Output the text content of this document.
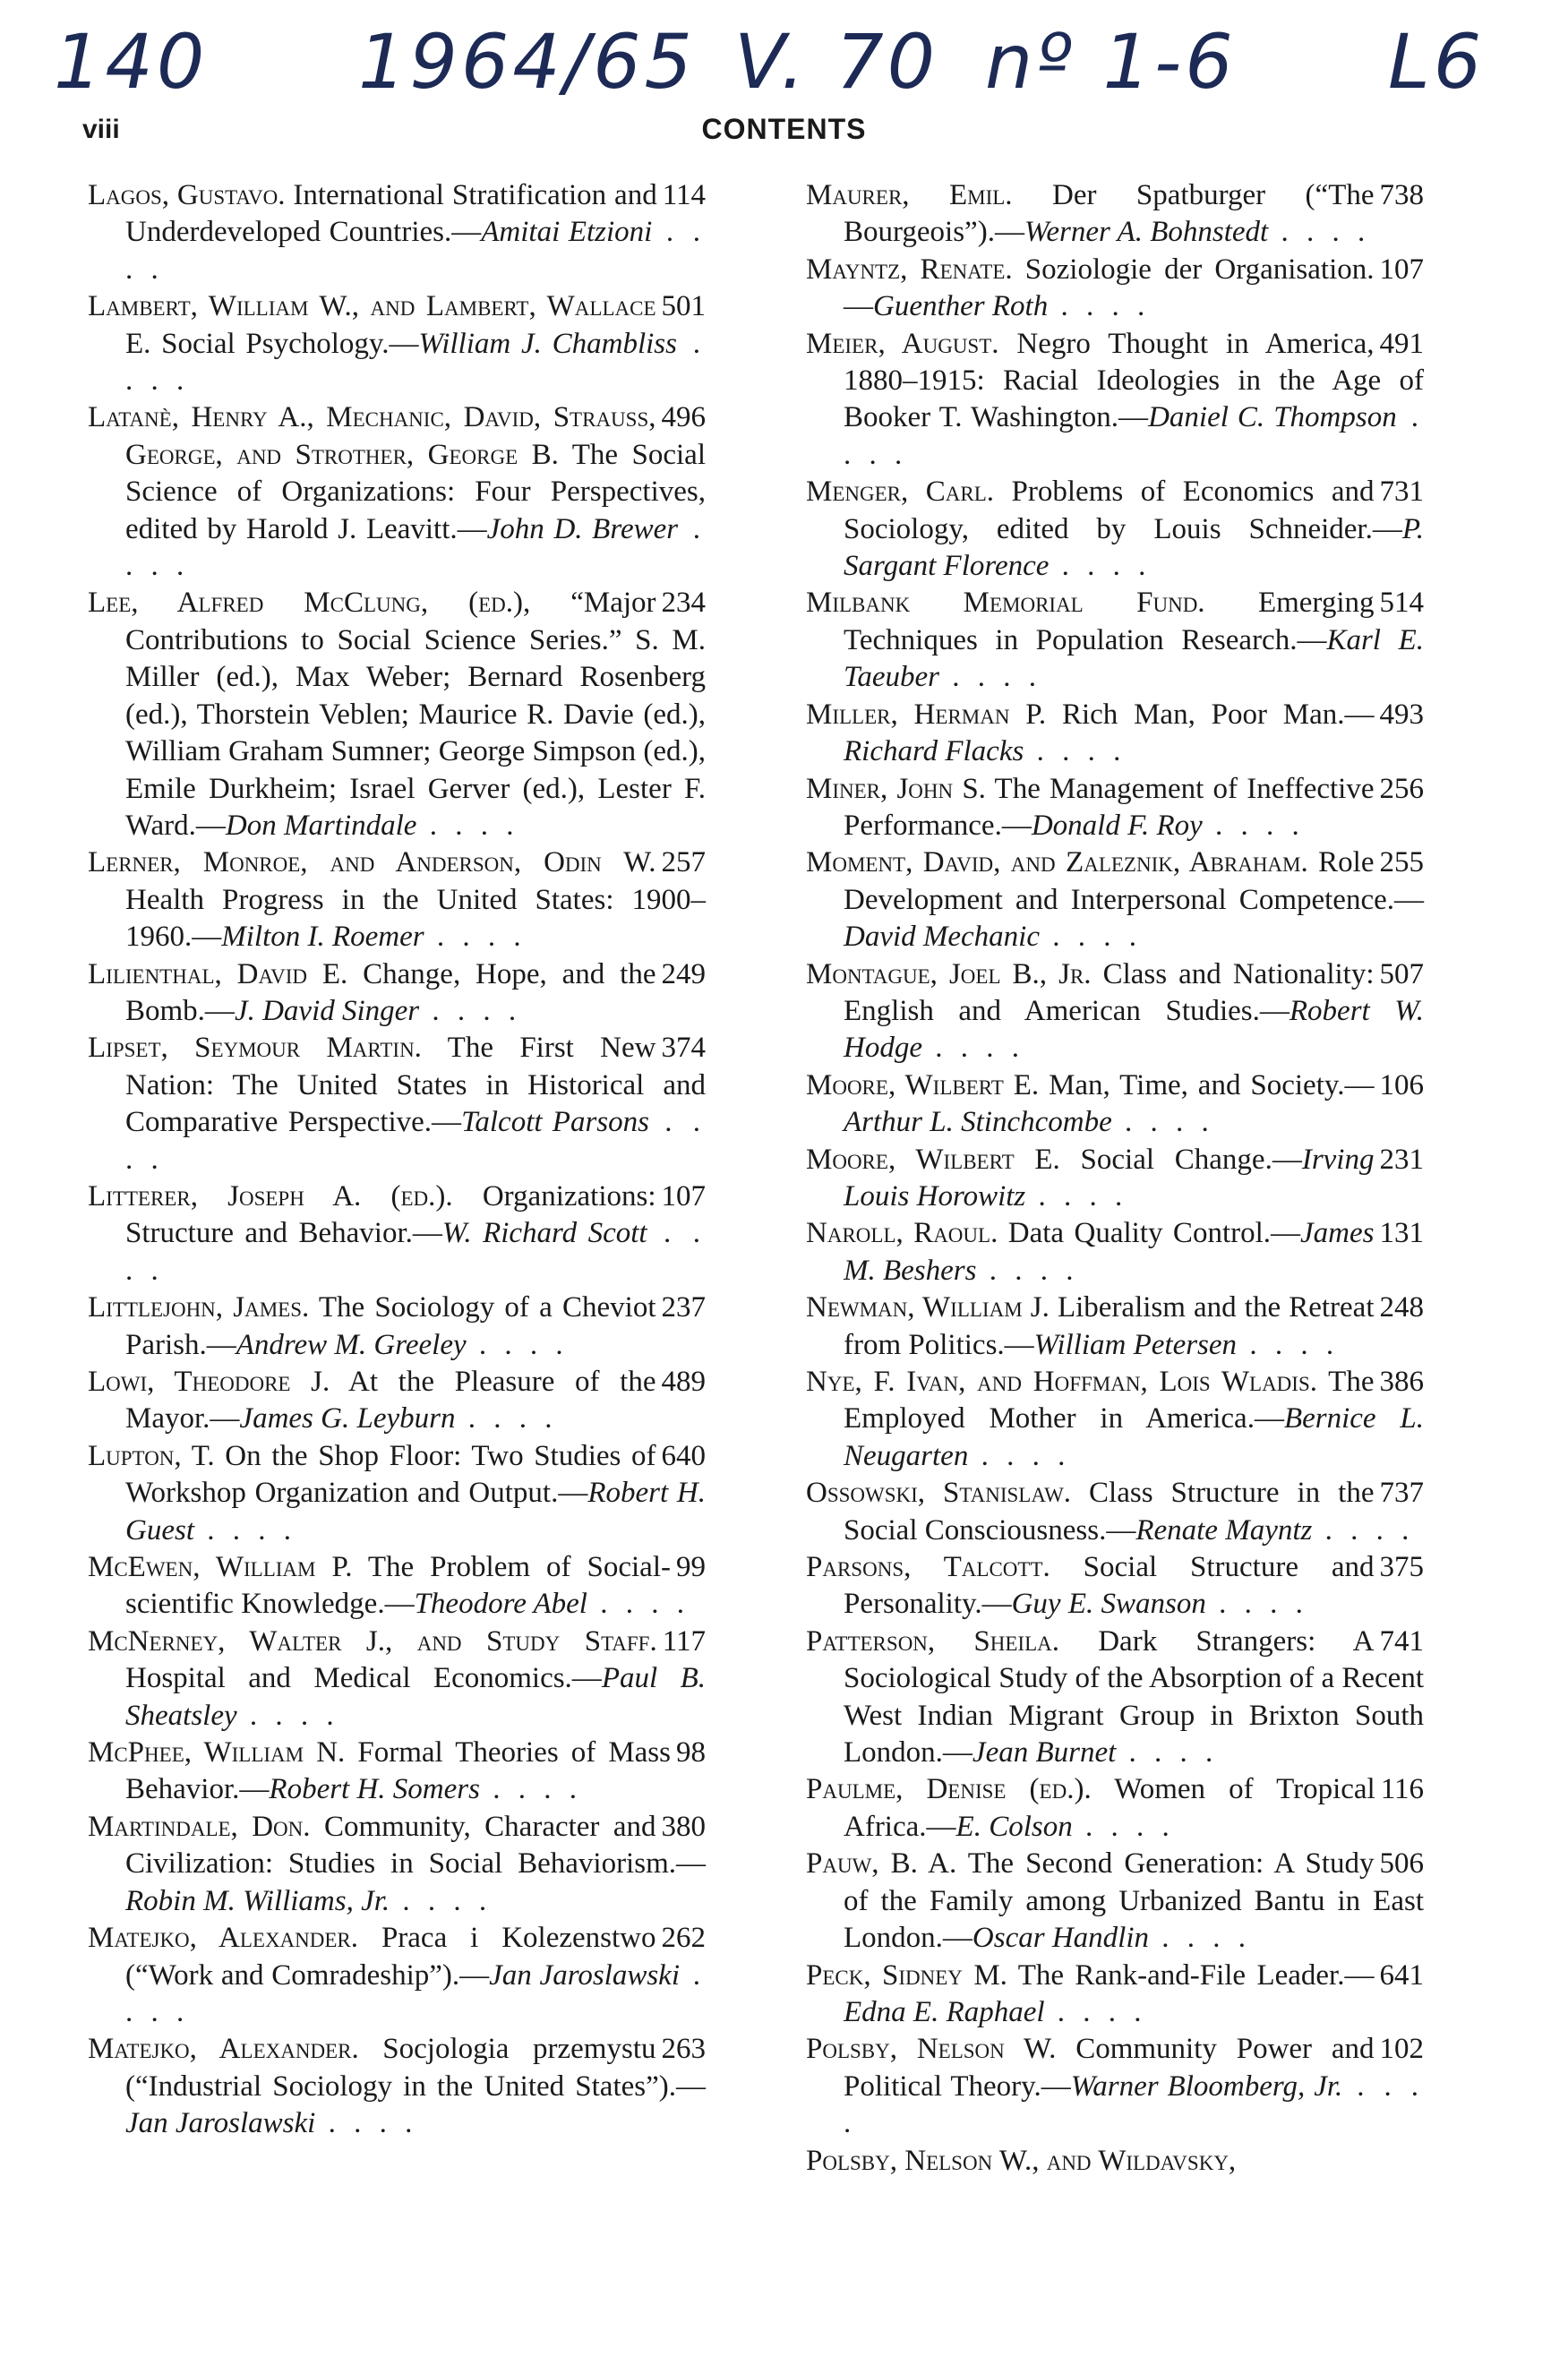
140 1964/65 V. 70 nº 1-6 L6
viii	CONTENTS

114
Lagos, Gustavo. International Stratification and Underdeveloped Countries.—Amitai Etzioni . . . .

501
Lambert, William W., and Lambert, Wallace E. Social Psychology.—William J. Chambliss . . . .

496
Latanè, Henry A., Mechanic, David, Strauss, George, and Strother, George B. The Social Science of Organizations: Four Perspectives, edited by Harold J. Leavitt.—John D. Brewer . . . .

234
Lee, Alfred McClung, (ed.), “Major Contributions to Social Science Series.” S. M. Miller (ed.), Max Weber; Bernard Rosenberg (ed.), Thorstein Veblen; Maurice R. Davie (ed.), William Graham Sumner; George Simpson (ed.), Emile Durkheim; Israel Gerver (ed.), Lester F. Ward.—Don Martindale . . . .

257
Lerner, Monroe, and Anderson, Odin W. Health Progress in the United States: 1900–1960.—Milton I. Roemer . . . .

249
Lilienthal, David E. Change, Hope, and the Bomb.—J. David Singer . . . .

374
Lipset, Seymour Martin. The First New Nation: The United States in Historical and Comparative Perspective.—Talcott Parsons . . . .

107
Litterer, Joseph A. (ed.). Organizations: Structure and Behavior.—W. Richard Scott . . . .

237
Littlejohn, James. The Sociology of a Cheviot Parish.—Andrew M. Greeley . . . .

489
Lowi, Theodore J. At the Pleasure of the Mayor.—James G. Leyburn . . . .

640
Lupton, T. On the Shop Floor: Two Studies of Workshop Organization and Output.—Robert H. Guest . . . .

99
McEwen, William P. The Problem of Social-scientific Knowledge.—Theodore Abel . . . .

117
McNerney, Walter J., and Study Staff. Hospital and Medical Economics.—Paul B. Sheatsley . . . .

98
McPhee, William N. Formal Theories of Mass Behavior.—Robert H. Somers . . . .

380
Martindale, Don. Community, Character and Civilization: Studies in Social Behaviorism.—Robin M. Williams, Jr. . . . .

262
Matejko, Alexander. Praca i Kolezenstwo (“Work and Comradeship”).—Jan Jaroslawski . . . .

263
Matejko, Alexander. Socjologia przemystu (“Industrial Sociology in the United States”).—Jan Jaroslawski . . . .

738
Maurer, Emil. Der Spatburger (“The Bourgeois”).—Werner A. Bohnstedt . . . .

107
Mayntz, Renate. Soziologie der Organisation.—Guenther Roth . . . .

491
Meier, August. Negro Thought in America, 1880–1915: Racial Ideologies in the Age of Booker T. Washington.—Daniel C. Thompson . . . .

731
Menger, Carl. Problems of Economics and Sociology, edited by Louis Schneider.—P. Sargant Florence . . . .

514
Milbank Memorial Fund. Emerging Techniques in Population Research.—Karl E. Taeuber . . . .

493
Miller, Herman P. Rich Man, Poor Man.—Richard Flacks . . . .

256
Miner, John S. The Management of Ineffective Performance.—Donald F. Roy . . . .

255
Moment, David, and Zaleznik, Abraham. Role Development and Interpersonal Competence.—David Mechanic . . . .

507
Montague, Joel B., Jr. Class and Nationality: English and American Studies.—Robert W. Hodge . . . .

106
Moore, Wilbert E. Man, Time, and Society.—Arthur L. Stinchcombe . . . .

231
Moore, Wilbert E. Social Change.—Irving Louis Horowitz . . . .

131
Naroll, Raoul. Data Quality Control.—James M. Beshers . . . .

248
Newman, William J. Liberalism and the Retreat from Politics.—William Petersen . . . .

386
Nye, F. Ivan, and Hoffman, Lois Wladis. The Employed Mother in America.—Bernice L. Neugarten . . . .

737
Ossowski, Stanislaw. Class Structure in the Social Consciousness.—Renate Mayntz . . . .

375
Parsons, Talcott. Social Structure and Personality.—Guy E. Swanson . . . .

741
Patterson, Sheila. Dark Strangers: A Sociological Study of the Absorption of a Recent West Indian Migrant Group in Brixton South London.—Jean Burnet . . . .

116
Paulme, Denise (ed.). Women of Tropical Africa.—E. Colson . . . .

506
Pauw, B. A. The Second Generation: A Study of the Family among Urbanized Bantu in East London.—Oscar Handlin . . . .

641
Peck, Sidney M. The Rank-and-File Leader.—Edna E. Raphael . . . .

102
Polsby, Nelson W. Community Power and Political Theory.—Warner Bloomberg, Jr. . . . .

Polsby, Nelson W., and Wildavsky,
